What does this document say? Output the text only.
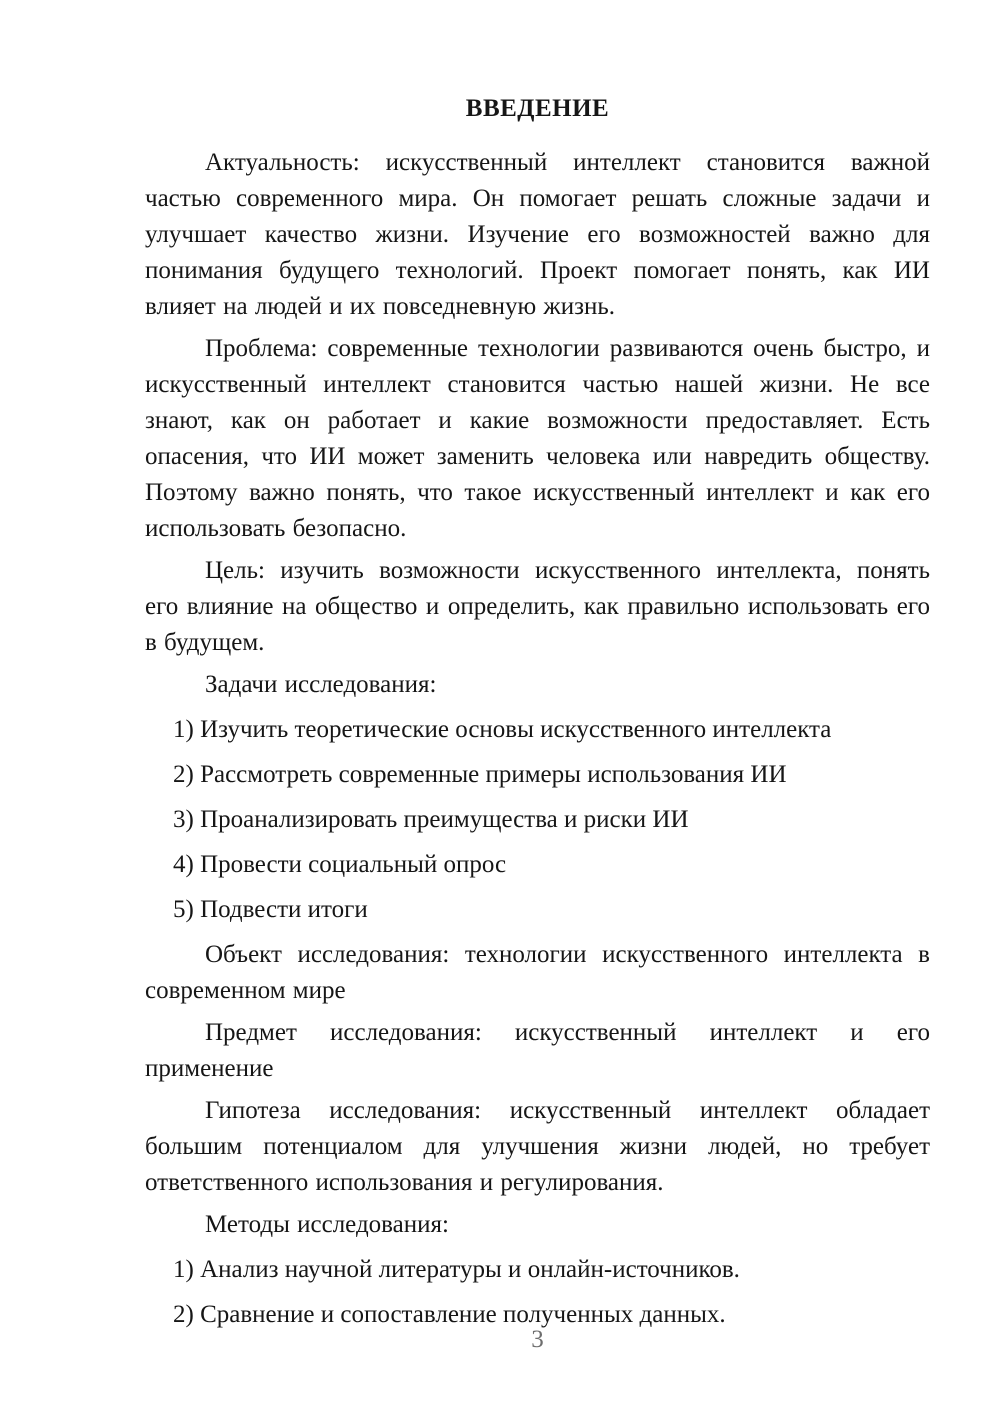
ВВЕДЕНИЕ

Актуальность: искусственный интеллект становится важной частью современного мира. Он помогает решать сложные задачи и улучшает качество жизни. Изучение его возможностей важно для понимания будущего технологий. Проект помогает понять, как ИИ влияет на людей и их повседневную жизнь.

Проблема: современные технологии развиваются очень быстро, и искусственный интеллект становится частью нашей жизни. Не все знают, как он работает и какие возможности предоставляет. Есть опасения, что ИИ может заменить человека или навредить обществу. Поэтому важно понять, что такое искусственный интеллект и как его использовать безопасно.

Цель: изучить возможности искусственного интеллекта, понять его влияние на общество и определить, как правильно использовать его в будущем.

Задачи исследования:

1) Изучить теоретические основы искусственного интеллекта

2) Рассмотреть современные примеры использования ИИ

3) Проанализировать преимущества и риски ИИ

4) Провести социальный опрос

5) Подвести итоги

Объект исследования: технологии искусственного интеллекта в современном мире

Предмет исследования: искусственный интеллект и его применение

Гипотеза исследования: искусственный интеллект обладает большим потенциалом для улучшения жизни людей, но требует ответственного использования и регулирования.

Методы исследования:

1) Анализ научной литературы и онлайн-источников.

2) Сравнение и сопоставление полученных данных.

3
